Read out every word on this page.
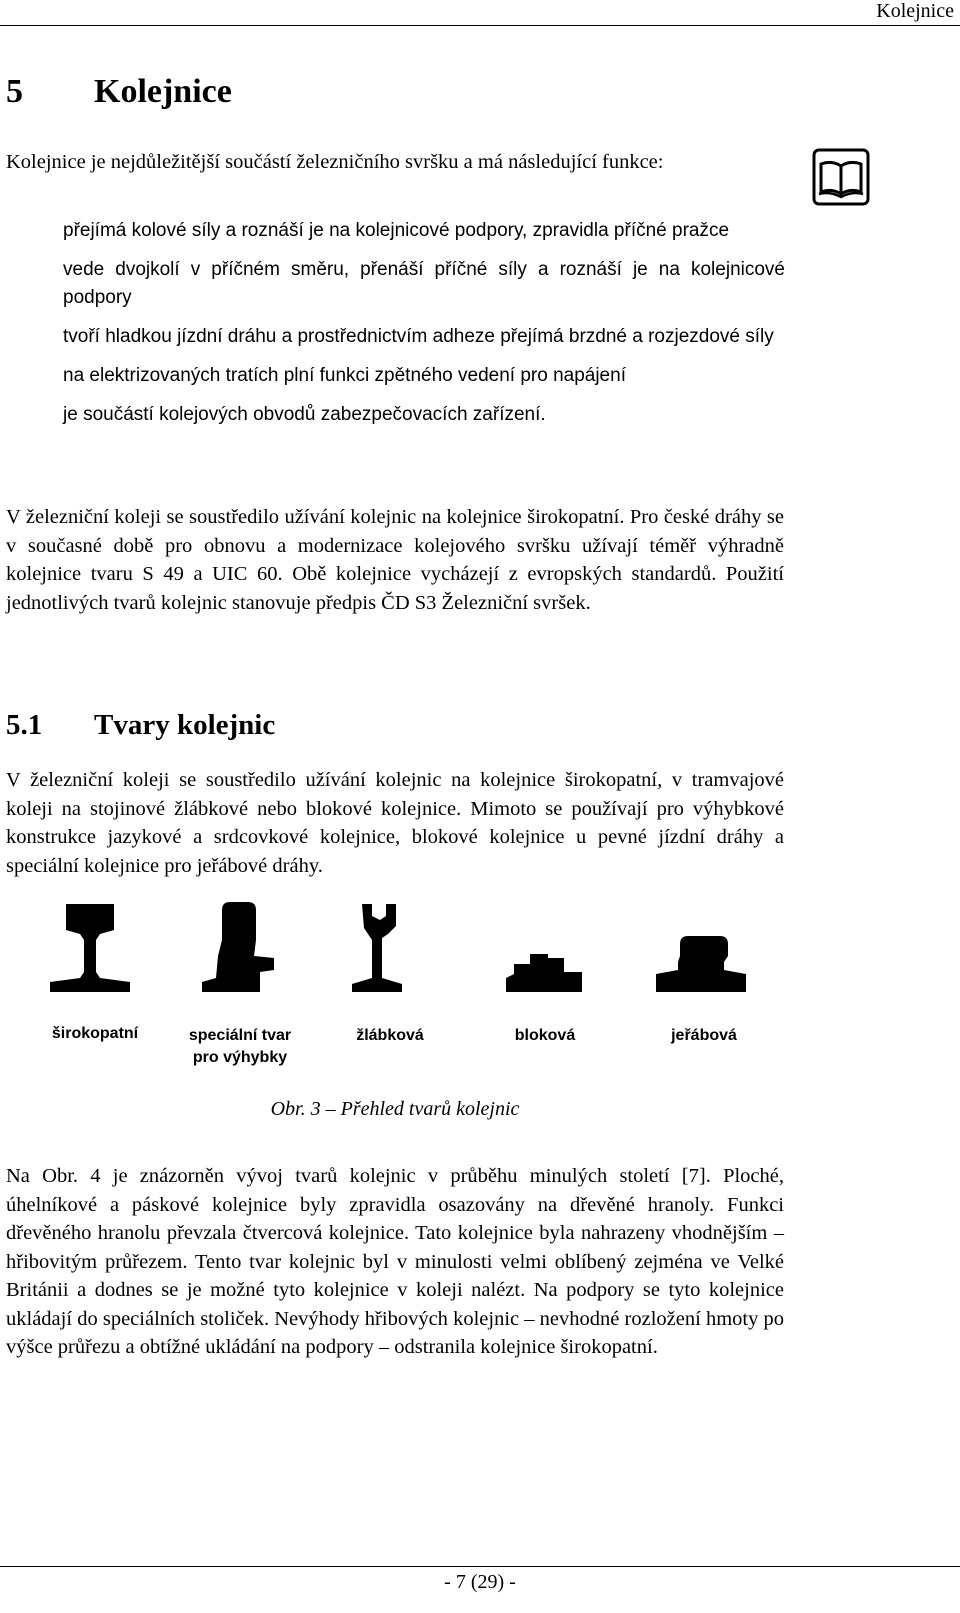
Kolejnice
5 Kolejnice

Kolejnice je nejdůležitější součástí železničního svršku a má následující funkce:

přejímá kolové síly a roznáší je na kolejnicové podpory, zpravidla příčné pražce
vede dvojkolí v příčném směru, přenáší příčné síly a roznáší je na kolejnicové podpory
tvoří hladkou jízdní dráhu a prostřednictvím adheze přejímá brzdné a rozjezdové síly
na elektrizovaných tratích plní funkci zpětného vedení pro napájení
je součástí kolejových obvodů zabezpečovacích zařízení.

V železniční koleji se soustředilo užívání kolejnic na kolejnice širokopatní. Pro české dráhy se v současné době pro obnovu a modernizace kolejového svršku užívají téměř výhradně kolejnice tvaru S 49 a UIC 60. Obě kolejnice vycházejí z evropských standardů. Použití jednotlivých tvarů kolejnic stanovuje předpis ČD S3 Železniční svršek.

5.1 Tvary kolejnic

V železniční koleji se soustředilo užívání kolejnic na kolejnice širokopatní, v tramvajové koleji na stojinové žlábkové nebo blokové kolejnice. Mimoto se používají pro výhybkové konstrukce jazykové a srdcovkové kolejnice, blokové kolejnice u pevné jízdní dráhy a speciální kolejnice pro jeřábové dráhy.

širokopatní	speciální tvar
pro výhybky
žlábková	bloková	jeřábová
Obr. 3 – Přehled tvarů kolejnic

Na Obr. 4 je znázorněn vývoj tvarů kolejnic v průběhu minulých století [7]. Ploché, úhelníkové a páskové kolejnice byly zpravidla osazovány na dřevěné hranoly. Funkci dřevěného hranolu převzala čtvercová kolejnice. Tato kolejnice byla nahrazeny vhodnějším – hřibovitým průřezem. Tento tvar kolejnic byl v minulosti velmi oblíbený zejména ve Velké Británii a dodnes se je možné tyto kolejnice v koleji nalézt. Na podpory se tyto kolejnice ukládají do speciálních stoliček. Nevýhody hřibových kolejnic – nevhodné rozložení hmoty po výšce průřezu a obtížné ukládání na podpory – odstranila kolejnice širokopatní.

- 7 (29) -
